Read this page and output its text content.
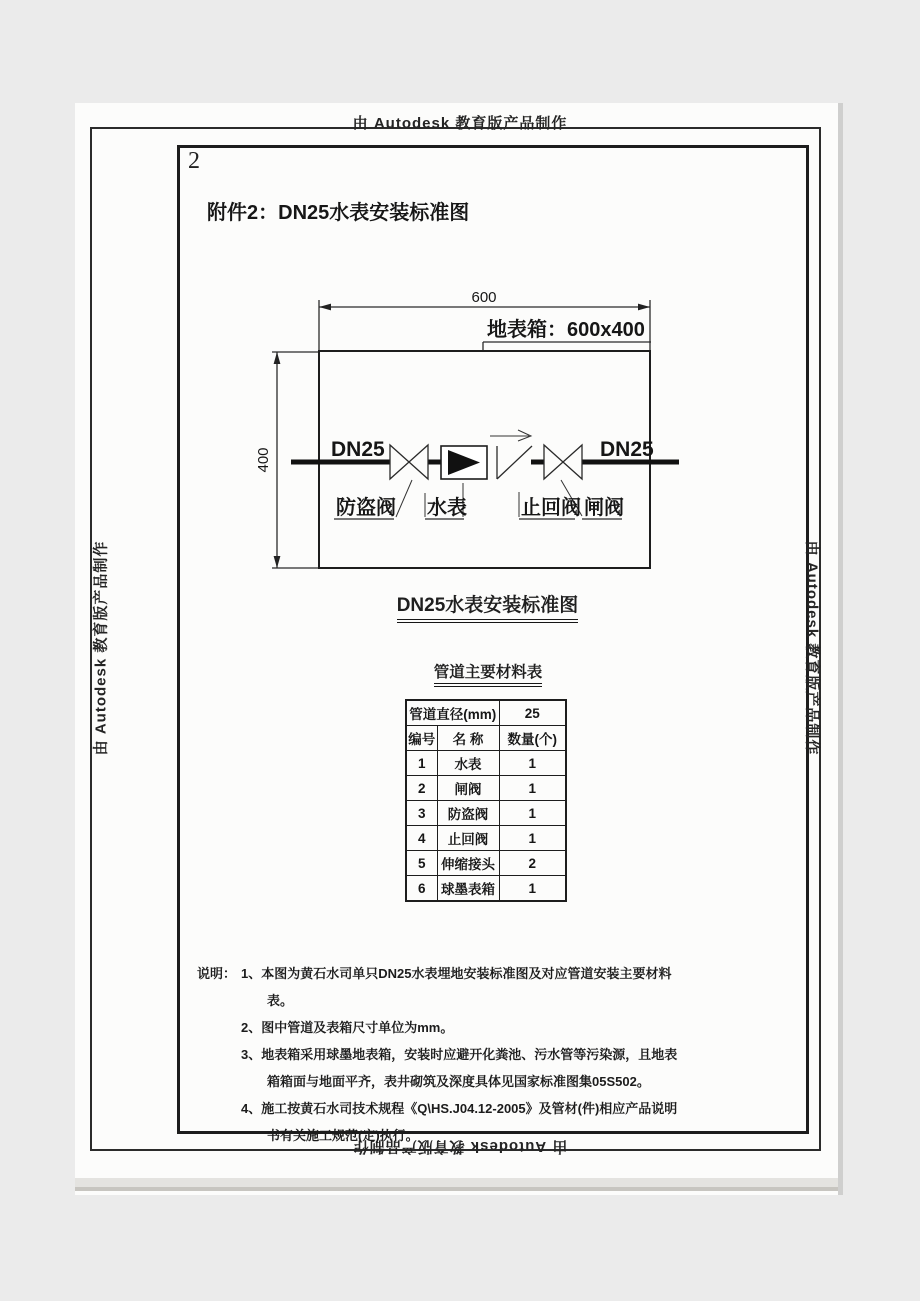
由 Autodesk 教育版产品制作
由 Autodesk 教育版产品制作
由 Autodesk 教育版产品制作	由 Autodesk 教育版产品制作
2
附件2：DN25水表安装标准图
600
400
地表箱：600x400
DN25	DN25
防盗阀 水表	止回阀 闸阀
DN25水表安装标准图
管道主要材料表
管道直径(mm)		25
编号	名 称	数量(个)
1	水表	1
2	闸阀	1
3	防盗阀	1
4	止回阀	1
5	伸缩接头	2
6	球墨表箱	1
说明： 1、本图为黄石水司单只DN25水表埋地安装标准图及对应管道安装主要材料表。
2、图中管道及表箱尺寸单位为mm。
3、地表箱采用球墨地表箱，安装时应避开化粪池、污水管等污染源，且地表箱箱面与地面平齐，表井砌筑及深度具体见国家标准图集05S502。
4、施工按黄石水司技术规程《Q\HS.J04.12-2005》及管材(件)相应产品说明书有关施工规范(定)执行。
